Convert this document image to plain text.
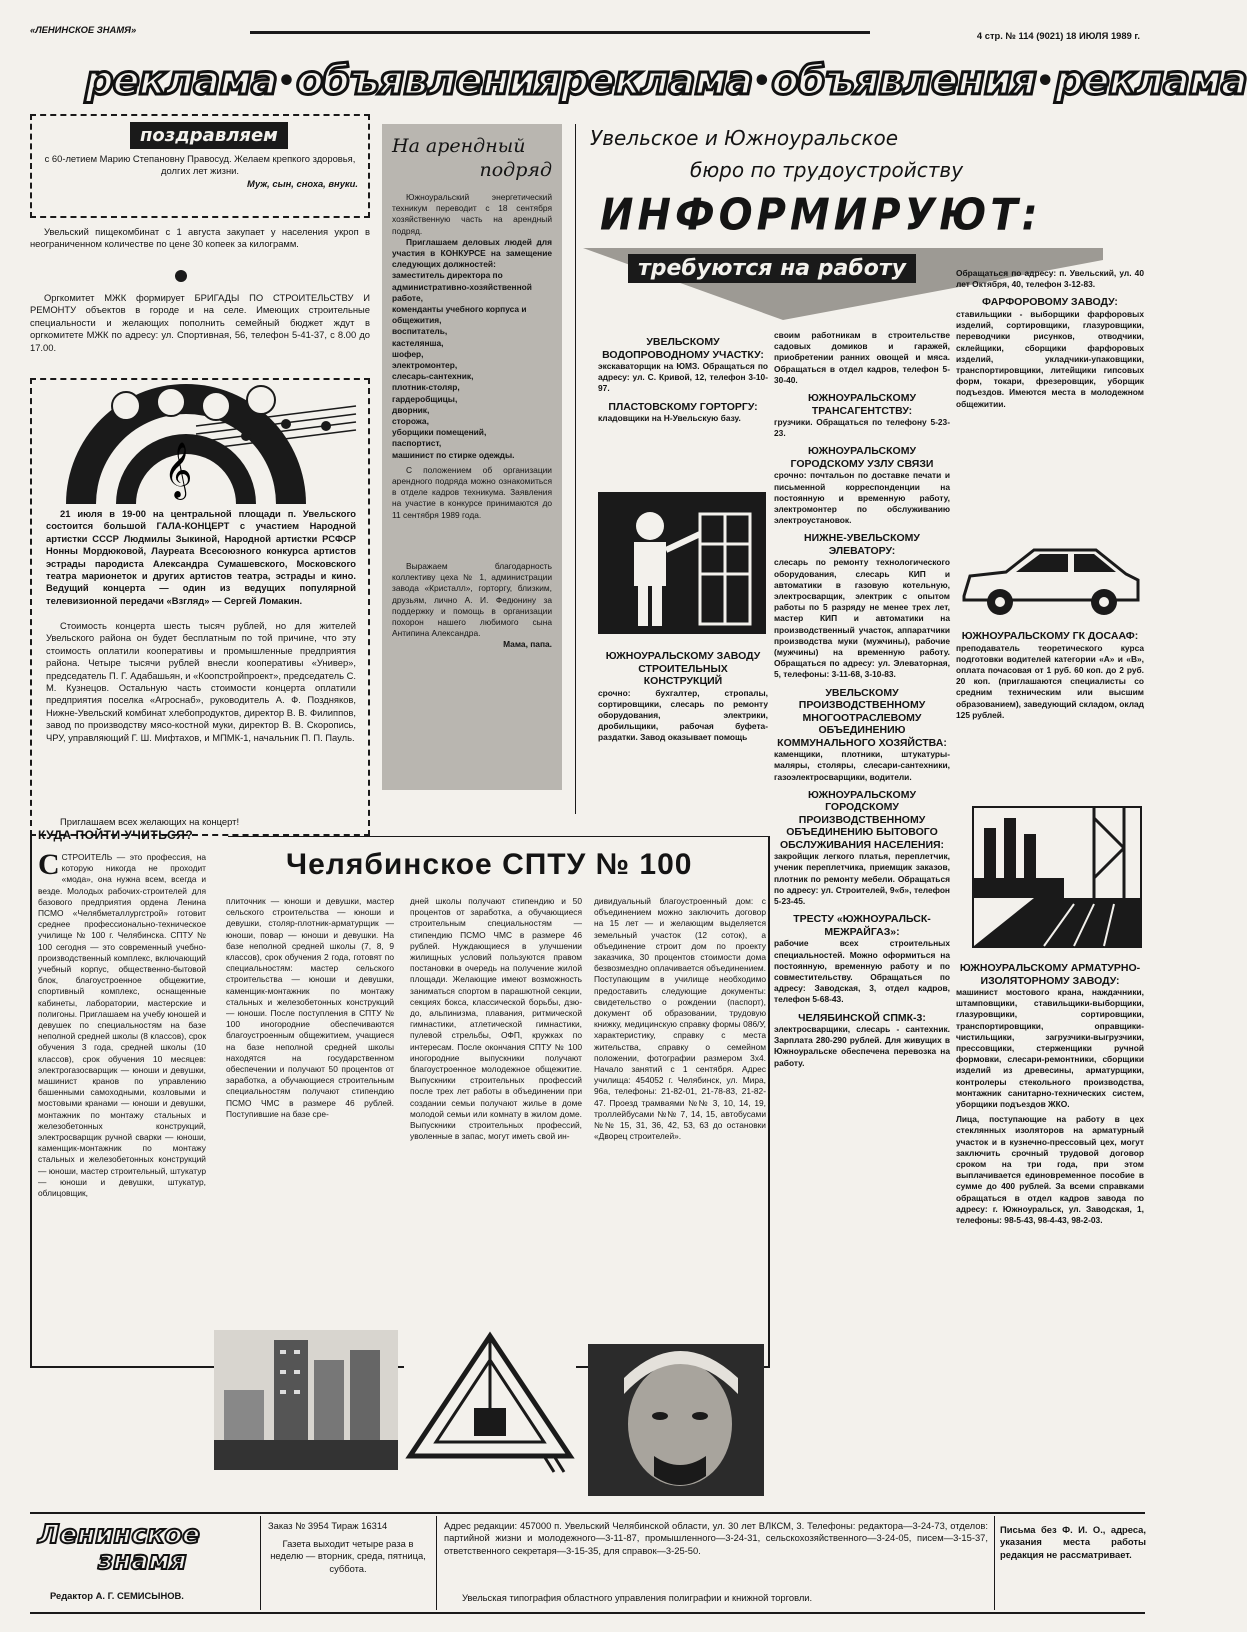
«ЛЕНИНСКОЕ ЗНАМЯ»
4 стр. № 114 (9021) 18 ИЮЛЯ 1989 г.
реклама • объявления реклама • объявления • реклама
поздравляем

с 60-летием Марию Степановну Правосуд. Желаем крепкого здоровья, долгих лет жизни.

Муж, сын, сноха, внуки.

Увельский пищекомбинат с 1 августа закупает у населения укроп в неограниченном количестве по цене 30 копеек за килограмм.
Оргкомитет МЖК формирует БРИГАДЫ ПО СТРОИТЕЛЬСТВУ И РЕМОНТУ объектов в городе и на селе. Имеющих строительные специальности и желающих пополнить семейный бюджет ждут в оргкомитете МЖК по адресу: ул. Спортивная, 56, телефон 5-41-37, с 8.00 до 17.00.
𝄞
21 июля в 19-00 на центральной площади п. Увельского состоится большой ГАЛА-КОНЦЕРТ с участием Народной артистки СССР Людмилы Зыкиной, Народной артистки РСФСР Нонны Мордюковой, Лауреата Всесоюзного конкурса артистов эстрады пародиста Александра Сумашевского, Московского театра марионеток и других артистов театра, эстрады и кино. Ведущий концерта — один из ведущих популярной телевизионной передачи «Взгляд» — Сергей Ломакин.
Стоимость концерта шесть тысяч рублей, но для жителей Увельского района он будет бесплатным по той причине, что эту стоимость оплатили кооперативы и промышленные предприятия района. Четыре тысячи рублей внесли кооперативы «Универ», председатель П. Г. Адабашьян, и «Коопстройпроект», председатель С. М. Кузнецов. Остальную часть стоимости концерта оплатили предприятия поселка «Агроснаб», руководитель А. Ф. Поздняков, Нижне-Увельский комбинат хлебопродуктов, директор В. В. Филиппов, завод по производству мясо-костной муки, директор В. В. Скоропись, ЧРУ, управляющий Г. Ш. Мифтахов, и МПМК-1, начальник П. П. Пауль.
Приглашаем всех желающих на концерт!
На арендный
подряд

Южноуральский энергетический техникум переводит с 18 сентября хозяйственную часть на арендный подряд.

Приглашаем деловых людей для участия в КОНКУРСЕ на замещение следующих должностей:

заместитель директора по административно-хозяйственной работе,
коменданты учебного корпуса и общежития,
воспитатель,
кастелянша,
шофер,
электромонтер,
слесарь-сантехник,
плотник-столяр,
гардеробщицы,
дворник,
сторожа,
уборщики помещений,
паспортист,
машинист по стирке одежды.

С положением об организации арендного подряда можно ознакомиться в отделе кадров техникума. Заявления на участие в конкурсе принимаются до 11 сентября 1989 года.

Выражаем благодарность коллективу цеха № 1, администрации завода «Кристалл», горторгу, близким, друзьям, лично А. И. Федюнину за поддержку и помощь в организации похорон нашего любимого сына Антипина Александра.

Мама, папа.

Увельское и Южноуральское
бюро по трудоустройству
ИНФОРМИРУЮТ:
требуются на работу
УВЕЛЬСКОМУ ВОДОПРОВОДНОМУ УЧАСТКУ:
экскаваторщик на ЮМЗ. Обращаться по адресу: ул. С. Кривой, 12, телефон 3-10-97.
ПЛАСТОВСКОМУ ГОРТОРГУ:
кладовщики на Н-Увельскую базу.
ЮЖНОУРАЛЬСКОМУ ЗАВОДУ СТРОИТЕЛЬНЫХ КОНСТРУКЦИЙ
срочно: бухгалтер, стропалы, сортировщики, слесарь по ремонту оборудования, электрики, дробильщики, рабочая буфета-раздатки. Завод оказывает помощь
своим работникам в строительстве садовых домиков и гаражей, приобретении ранних овощей и мяса. Обращаться в отдел кадров, телефон 5-30-40.
ЮЖНОУРАЛЬСКОМУ ТРАНСАГЕНТСТВУ:
грузчики. Обращаться по телефону 5-23-23.
ЮЖНОУРАЛЬСКОМУ ГОРОДСКОМУ УЗЛУ СВЯЗИ
срочно: почтальон по доставке печати и письменной корреспонденции на постоянную и временную работу, электромонтер по обслуживанию электроустановок.
НИЖНЕ-УВЕЛЬСКОМУ ЭЛЕВАТОРУ:
слесарь по ремонту технологического оборудования, слесарь КИП и автоматики в газовую котельную, электросварщик, электрик с опытом работы по 5 разряду не менее трех лет, мастер КИП и автоматики на производственный участок, аппаратчики производства муки (мужчины), рабочие (мужчины) на временную работу. Обращаться по адресу: ул. Элеваторная, 5, телефоны: 3-11-68, 3-10-83.
УВЕЛЬСКОМУ ПРОИЗВОДСТВЕННОМУ МНОГООТРАСЛЕВОМУ ОБЪЕДИНЕНИЮ КОММУНАЛЬНОГО ХОЗЯЙСТВА:
каменщики, плотники, штукатуры-маляры, столяры, слесари-сантехники, газоэлектросварщики, водители.
ЮЖНОУРАЛЬСКОМУ ГОРОДСКОМУ ПРОИЗВОДСТВЕННОМУ ОБЪЕДИНЕНИЮ БЫТОВОГО ОБСЛУЖИВАНИЯ НАСЕЛЕНИЯ:
закройщик легкого платья, переплетчик, ученик переплетчика, приемщик заказов, плотник по ремонту мебели. Обращаться по адресу: ул. Строителей, 9«б», телефон 5-23-45.
ТРЕСТУ «ЮЖНОУРАЛЬСК-МЕЖРАЙГАЗ»:
рабочие всех строительных специальностей. Можно оформиться на постоянную, временную работу и по совместительству. Обращаться по адресу: Заводская, 3, отдел кадров, телефон 5-68-43.
ЧЕЛЯБИНСКОЙ СПМК-3:
электросварщики, слесарь - сантехник. Зарплата 280-290 рублей. Для живущих в Южноуральске обеспечена перевозка на работу.
Обращаться по адресу: п. Увельский, ул. 40 лет Октября, 40, телефон 3-12-83.
ФАРФОРОВОМУ ЗАВОДУ:
ставильщики - выборщики фарфоровых изделий, сортировщики, глазуровщики, переводчики рисунков, отводчики, склейщики, сборщики фарфоровых изделий, укладчики-упаковщики, транспортировщики, литейщики гипсовых форм, токари, фрезеровщик, уборщик подъездов. Имеются места в молодежном общежитии.
ЮЖНОУРАЛЬСКОМУ ГК ДОСААФ:
преподаватель теоретического курса подготовки водителей категории «А» и «В», оплата почасовая от 1 руб. 60 коп. до 2 руб. 20 коп. (приглашаются специалисты со средним техническим или высшим образованием), заведующий складом, оклад 125 рублей.
ЮЖНОУРАЛЬСКОМУ АРМАТУРНО-ИЗОЛЯТОРНОМУ ЗАВОДУ:
машинист мостового крана, наждачники, штамповщики, ставильщики-выборщики, глазуровщики, сортировщики, транспортировщики, оправщики-чистильщики, загрузчики-выгрузчики, прессовщики, стерженщики ручной формовки, слесари-ремонтники, сборщики изделий из древесины, арматурщики, контролеры стекольного производства, монтажник санитарно-технических систем, уборщики подъездов ЖКО.
Лица, поступающие на работу в цех стеклянных изоляторов на арматурный участок и в кузнечно-прессовый цех, могут заключить срочный трудовой договор сроком на три года, при этом выплачивается единовременное пособие в сумме до 400 рублей. За всеми справками обращаться в отдел кадров завода по адресу: г. Южноуральск, ул. Заводская, 1, телефоны: 98-5-43, 98-4-43, 98-2-03.
КУДА ПОЙТИ УЧИТЬСЯ?
Челябинское СПТУ № 100
ССТРОИТЕЛЬ — это профессия, на которую никогда не проходит «мода», она нужна всем, всегда и везде. Молодых рабочих-строителей для базового предприятия ордена Ленина ПСМО «Челябметаллургстрой» готовит среднее профессионально-техническое училище № 100 г. Челябинска. СПТУ № 100 сегодня — это современный учебно-производственный комплекс, включающий учебный корпус, общественно-бытовой блок, благоустроенное общежитие, спортивный комплекс, оснащенные кабинеты, лаборатории, мастерские и полигоны. Приглашаем на учебу юношей и девушек по специальностям на базе неполной средней школы (8 классов), срок обучения 3 года, средней школы (10 классов), срок обучения 10 месяцев: электрогазосварщик — юноши и девушки, машинист кранов по управлению башенными самоходными, козловыми и мостовыми кранами — юноши и девушки, монтажник по монтажу стальных и железобетонных конструкций, электросварщик ручной сварки — юноши, каменщик-монтажник по монтажу стальных и железобетонных конструкций — юноши, мастер строительный, штукатур — юноши и девушки, штукатур, облицовщик,
плиточник — юноши и девушки, мастер сельского строительства — юноши и девушки, столяр-плотник-арматурщик — юноши, повар — юноши и девушки. На базе неполной средней школы (7, 8, 9 классов), срок обучения 2 года, готовят по специальностям: мастер сельского строительства — юноши и девушки, каменщик-монтажник по монтажу стальных и железобетонных конструкций — юноши. После поступления в СПТУ № 100 иногородние обеспечиваются благоустроенным общежитием, учащиеся на базе неполной средней школы находятся на государственном обеспечении и получают 50 процентов от заработка, а обучающиеся строительным специальностям получают стипендию ПСМО ЧМС в размере 46 рублей. Поступившие на базе сре-
дней школы получают стипендию и 50 процентов от заработка, а обучающиеся строительным специальностям — стипендию ПСМО ЧМС в размере 46 рублей. Нуждающиеся в улучшении жилищных условий пользуются правом постановки в очередь на получение жилой площади. Желающие имеют возможность заниматься спортом в парашютной секции, секциях бокса, классической борьбы, дзю-до, альпинизма, плавания, ритмической гимнастики, атлетической гимнастики, пулевой стрельбы, ОФП, кружках по интересам. После окончания СПТУ № 100 иногородние выпускники получают благоустроенное молодежное общежитие. Выпускники строительных профессий после трех лет работы в объединении при создании семьи получают жилье в доме молодой семьи или комнату в жилом доме. Выпускники строительных профессий, уволенные в запас, могут иметь свой ин-
дивидуальный благоустроенный дом: с объединением можно заключить договор на 15 лет — и желающим выделяется земельный участок (12 соток), а объединение строит дом по проекту заказчика, 30 процентов стоимости дома безвозмездно оплачивается объединением. Поступающим в училище необходимо предоставить следующие документы: свидетельство о рождении (паспорт), документ об образовании, трудовую книжку, медицинскую справку формы 086/У, характеристику, справку с места жительства, справку о семейном положении, фотографии размером 3х4. Начало занятий с 1 сентября. Адрес училища: 454052 г. Челябинск, ул. Мира, 96а, телефоны: 21-82-01, 21-78-83, 21-82-47. Проезд трамваями №№ 3, 10, 14, 19, троллейбусами №№ 7, 14, 15, автобусами №№ 15, 31, 36, 42, 53, 63 до остановки «Дворец строителей».
Ленинское
знамя
Редактор А. Г. СЕМИСЫНОВ.
Заказ № 3954 Тираж 16314
Газета выходит четыре раза в неделю — вторник, среда, пятница, суббота.
Адрес редакции: 457000 п. Увельский Челябинской области, ул. 30 лет ВЛКСМ, 3. Телефоны: редактора—3-24-73, отделов: партийной жизни и молодежного—3-11-87, промышленного—3-24-31, сельскохозяйственного—3-24-05, писем—3-15-37, ответственного секретаря—3-15-35, для справок—3-25-50.
Увельская типография областного управления полиграфии и книжной торговли.
Письма без Ф. И. О., адреса, указания места работы редакция не рассматривает.
